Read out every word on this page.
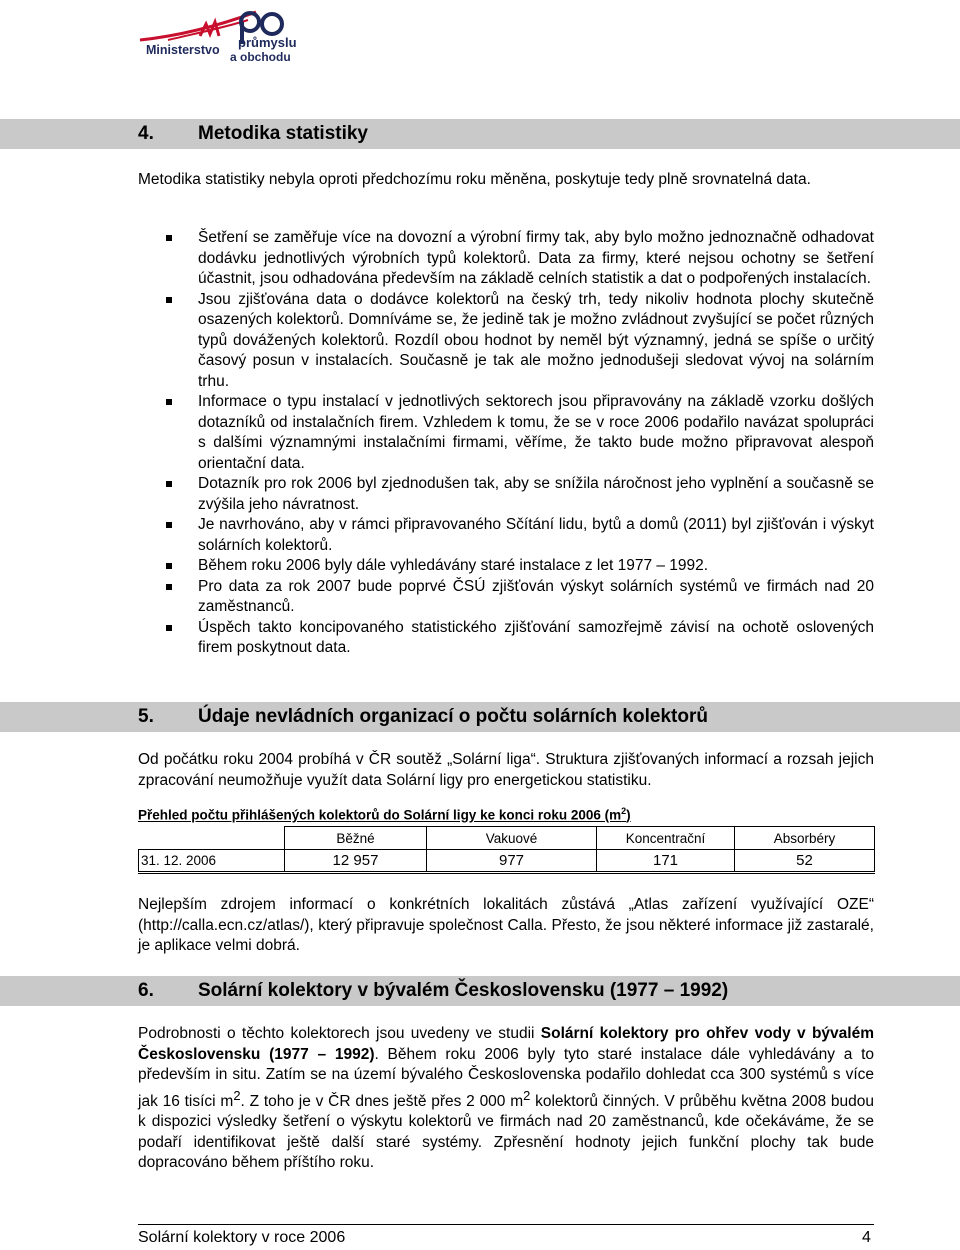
Ministerstvo průmyslu
a obchodu
4. Metodika statistiky
Metodika statistiky nebyla oproti předchozímu roku měněna, poskytuje tedy plně srovnatelná data.
Šetření se zaměřuje více na dovozní a výrobní firmy tak, aby bylo možno jednoznačně odhadovat dodávku jednotlivých výrobních typů kolektorů. Data za firmy, které nejsou ochotny se šetření účastnit, jsou odhadována především na základě celních statistik a dat o podpořených instalacích.
Jsou zjišťována data o dodávce kolektorů na český trh, tedy nikoliv hodnota plochy skutečně osazených kolektorů. Domníváme se, že jedině tak je možno zvládnout zvyšující se počet různých typů dovážených kolektorů. Rozdíl obou hodnot by neměl být významný, jedná se spíše o určitý časový posun v instalacích. Současně je tak ale možno jednodušeji sledovat vývoj na solárním trhu.
Informace o typu instalací v jednotlivých sektorech jsou připravovány na základě vzorku došlých dotazníků od instalačních firem. Vzhledem k tomu, že se v roce 2006 podařilo navázat spolupráci s dalšími významnými instalačními firmami, věříme, že takto bude možno připravovat alespoň orientační data.
Dotazník pro rok 2006 byl zjednodušen tak, aby se snížila náročnost jeho vyplnění a současně se zvýšila jeho návratnost.
Je navrhováno, aby v rámci připravovaného Sčítání lidu, bytů a domů (2011) byl zjišťován i výskyt solárních kolektorů.
Během roku 2006 byly dále vyhledávány staré instalace z let 1977 – 1992.
Pro data za rok 2007 bude poprvé ČSÚ zjišťován výskyt solárních systémů ve firmách nad 20 zaměstnanců.
Úspěch takto koncipovaného statistického zjišťování samozřejmě závisí na ochotě oslovených firem poskytnout data.
5. Údaje nevládních organizací o počtu solárních kolektorů
Od počátku roku 2004 probíhá v ČR soutěž „Solární liga“. Struktura zjišťovaných informací a rozsah jejich zpracování neumožňuje využít data Solární ligy pro energetickou statistiku.
Přehled počtu přihlášených kolektorů do Solární ligy ke konci roku 2006 $(m^2)$
	Běžné	Vakuové	Koncentrační	Absorbéry
31. 12. 2006	12 957	977	171	52
Nejlepším zdrojem informací o konkrétních lokalitách zůstává „Atlas zařízení využívající OZE“ (http://calla.ecn.cz/atlas/), který připravuje společnost Calla. Přesto, že jsou některé informace již zastaralé, je aplikace velmi dobrá.
6. Solární kolektory v bývalém Československu (1977 – 1992)
Podrobnosti o těchto kolektorech jsou uvedeny ve studii Solární kolektory pro ohřev vody v bývalém Československu (1977 – 1992). Během roku 2006 byly tyto staré instalace dále vyhledávány a to především in situ. Zatím se na území bývalého Československa podařilo dohledat cca 300 systémů s více jak 16 tisíci $m^2$. Z toho je v ČR dnes ještě přes 2 000 $m^2$ kolektorů činných. V průběhu května 2008 budou k dispozici výsledky šetření o výskytu kolektorů ve firmách nad 20 zaměstnanců, kde očekáváme, že se podaří identifikovat ještě další staré systémy. Zpřesnění hodnoty jejich funkční plochy tak bude dopracováno během příštího roku.
Solární kolektory v roce 2006	4
